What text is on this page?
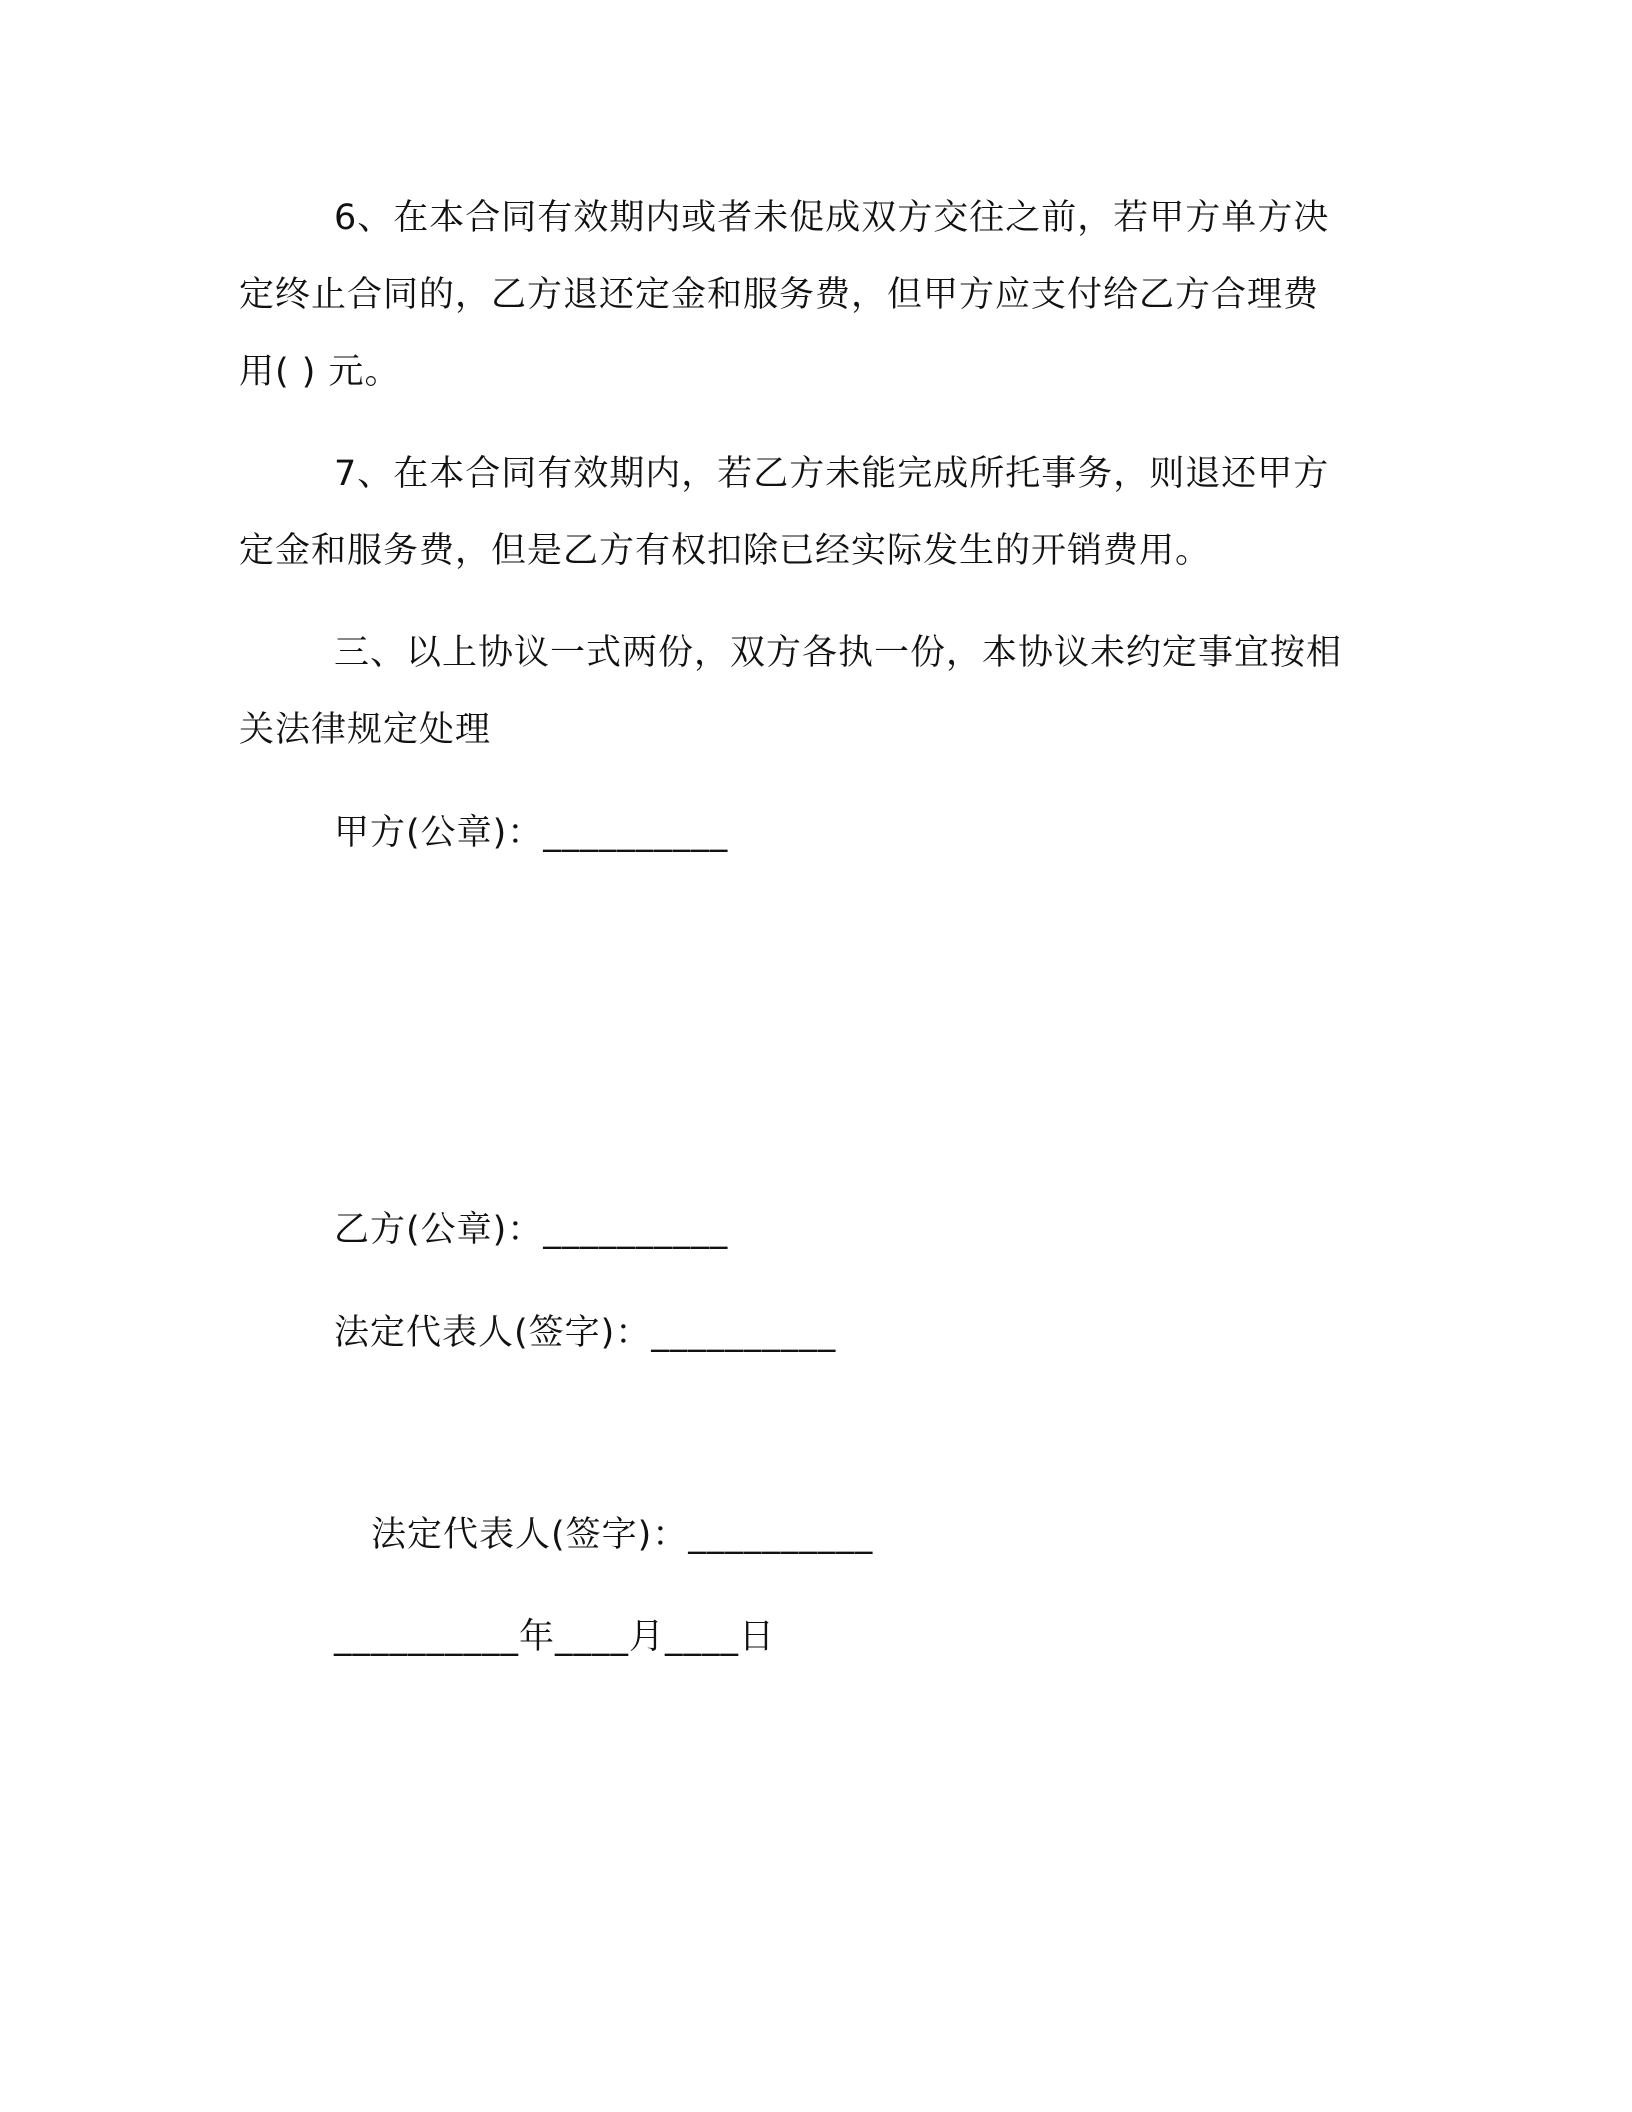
6、在本合同有效期内或者未促成双方交往之前，若甲方单方决
定终止合同的，乙方退还定金和服务费，但甲方应支付给乙方合理费
用( ) 元。
7、在本合同有效期内，若乙方未能完成所托事务，则退还甲方
定金和服务费，但是乙方有权扣除已经实际发生的开销费用。
三、以上协议一式两份，双方各执一份，本协议未约定事宜按相
关法律规定处理
甲方(公章)：__________
乙方(公章)：__________
法定代表人(签字)：__________
法定代表人(签字)：__________
__________年____月____日
